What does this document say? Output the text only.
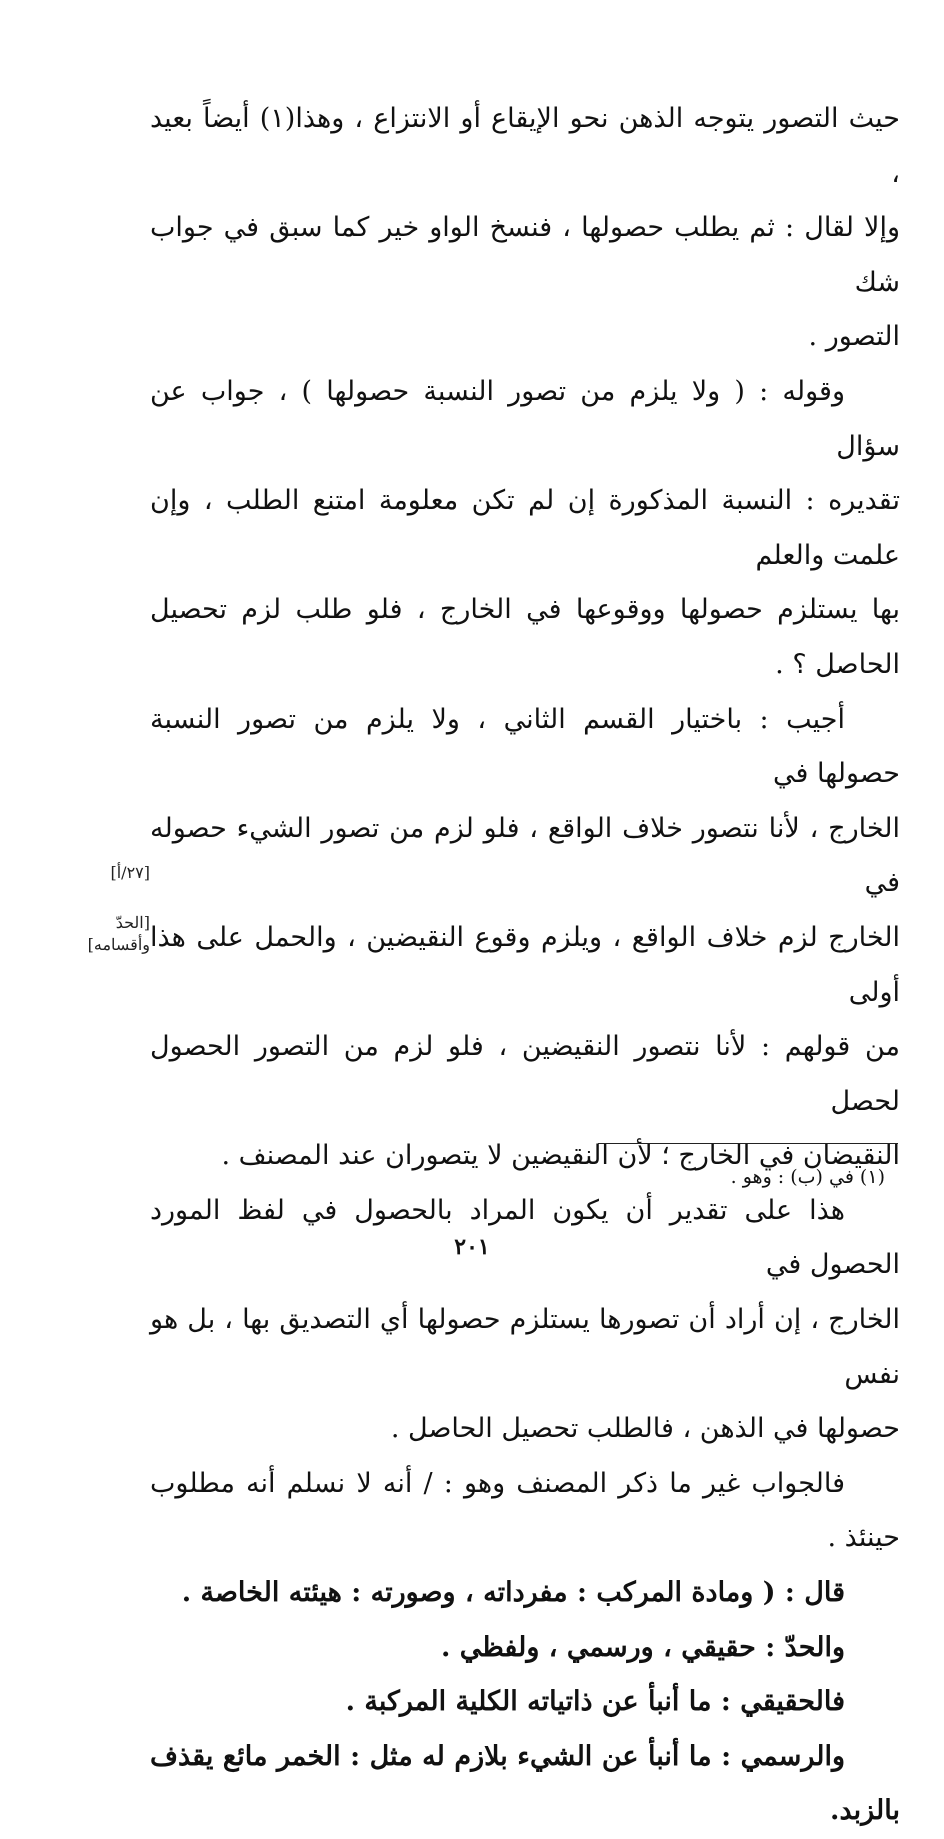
حيث التصور يتوجه الذهن نحو الإيقاع أو الانتزاع ، وهذا(١) أيضاً بعيد ،

وإلا لقال : ثم يطلب حصولها ، فنسخ الواو خير كما سبق في جواب شك

التصور .

وقوله : ( ولا يلزم من تصور النسبة حصولها ) ، جواب عن سؤال

تقديره : النسبة المذكورة إن لم تكن معلومة امتنع الطلب ، وإن علمت والعلم

بها يستلزم حصولها ووقوعها في الخارج ، فلو طلب لزم تحصيل الحاصل ؟ .

أجيب : باختيار القسم الثاني ، ولا يلزم من تصور النسبة حصولها في

الخارج ، لأنا نتصور خلاف الواقع ، فلو لزم من تصور الشيء حصوله في

الخارج لزم خلاف الواقع ، ويلزم وقوع النقيضين ، والحمل على هذا أولى

من قولهم : لأنا نتصور النقيضين ، فلو لزم من التصور الحصول لحصل

النقيضان في الخارج ؛ لأن النقيضين لا يتصوران عند المصنف .

هذا على تقدير أن يكون المراد بالحصول في لفظ المورد الحصول في

الخارج ، إن أراد أن تصورها يستلزم حصولها أي التصديق بها ، بل هو نفس

حصولها في الذهن ، فالطلب تحصيل الحاصل .

فالجواب غير ما ذكر المصنف وهو : / أنه لا نسلم أنه مطلوب حينئذ .

قال : ( ومادة المركب : مفرداته ، وصورته : هيئته الخاصة .

والحدّ : حقيقي ، ورسمي ، ولفظي .

فالحقيقي : ما أنبأ عن ذاتياته الكلية المركبة .

والرسمي : ما أنبأ عن الشيء بلازم له مثل : الخمر مائع يقذف بالزبد.

[٢٧/أ]
[الحدّ وأقسامه]
(١) في (ب) : وهو .
٢٠١
